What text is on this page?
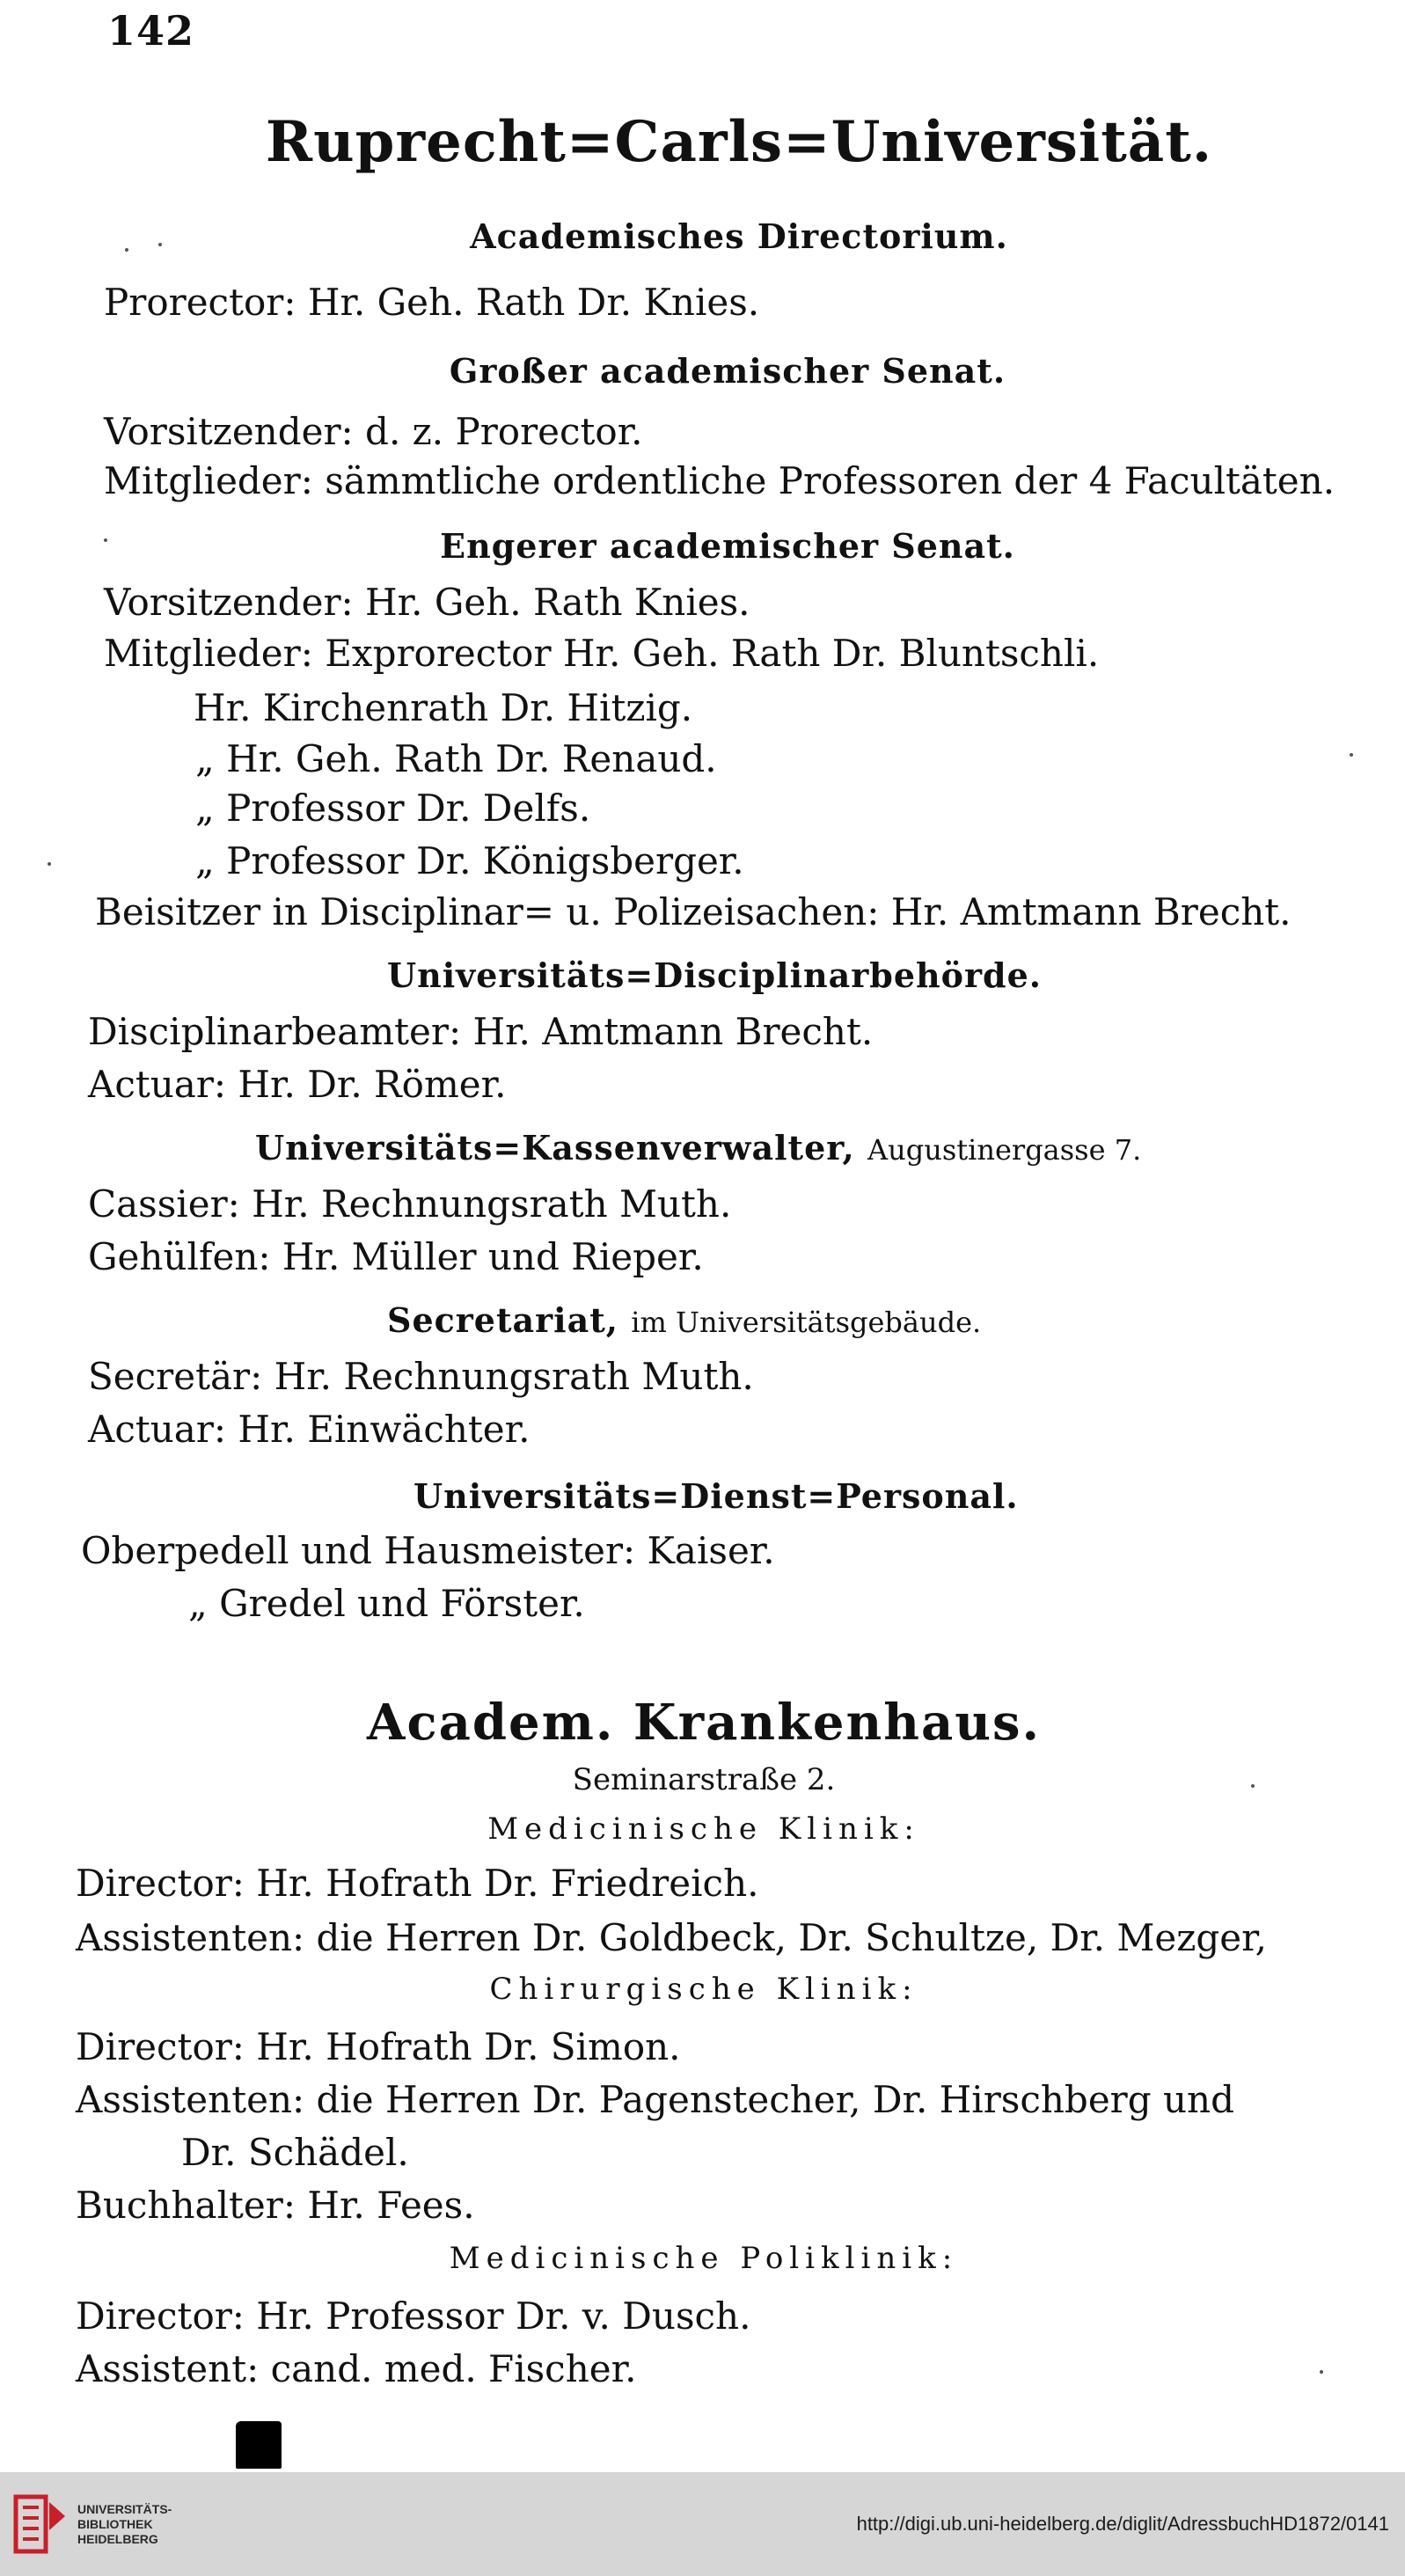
142
Ruprecht=Carls=Universität.
Academisches Directorium.
Prorector: Hr. Geh. Rath Dr. Knies.
Großer academischer Senat.
Vorsitzender: d. z. Prorector.
Mitglieder: sämmtliche ordentliche Professoren der 4 Facultäten.
Engerer academischer Senat.
Vorsitzender: Hr. Geh. Rath Knies.
Mitglieder: Exprorector Hr. Geh. Rath Dr. Bluntschli.
Hr. Kirchenrath Dr. Hitzig.
„ Hr. Geh. Rath Dr. Renaud.
„ Professor Dr. Delfs.
„ Professor Dr. Königsberger.
Beisitzer in Disciplinar= u. Polizeisachen: Hr. Amtmann Brecht.
Universitäts=Disciplinarbehörde.
Disciplinarbeamter: Hr. Amtmann Brecht.
Actuar: Hr. Dr. Römer.
Universitäts=Kassenverwalter, Augustinergasse 7.
Cassier: Hr. Rechnungsrath Muth.
Gehülfen: Hr. Müller und Rieper.
Secretariat, im Universitätsgebäude.
Secretär: Hr. Rechnungsrath Muth.
Actuar: Hr. Einwächter.
Universitäts=Dienst=Personal.
Oberpedell und Hausmeister: Kaiser.
„ Gredel und Förster.
Academ. Krankenhaus.
Seminarstraße 2.
Medicinische Klinik:
Director: Hr. Hofrath Dr. Friedreich.
Assistenten: die Herren Dr. Goldbeck, Dr. Schultze, Dr. Mezger,
Chirurgische Klinik:
Director: Hr. Hofrath Dr. Simon.
Assistenten: die Herren Dr. Pagenstecher, Dr. Hirschberg und
Dr. Schädel.
Buchhalter: Hr. Fees.
Medicinische Poliklinik:
Director: Hr. Professor Dr. v. Dusch.
Assistent: cand. med. Fischer.
UNIVERSITÄTS-
BIBLIOTHEK
HEIDELBERG
http://digi.ub.uni-heidelberg.de/diglit/AdressbuchHD1872/0141
